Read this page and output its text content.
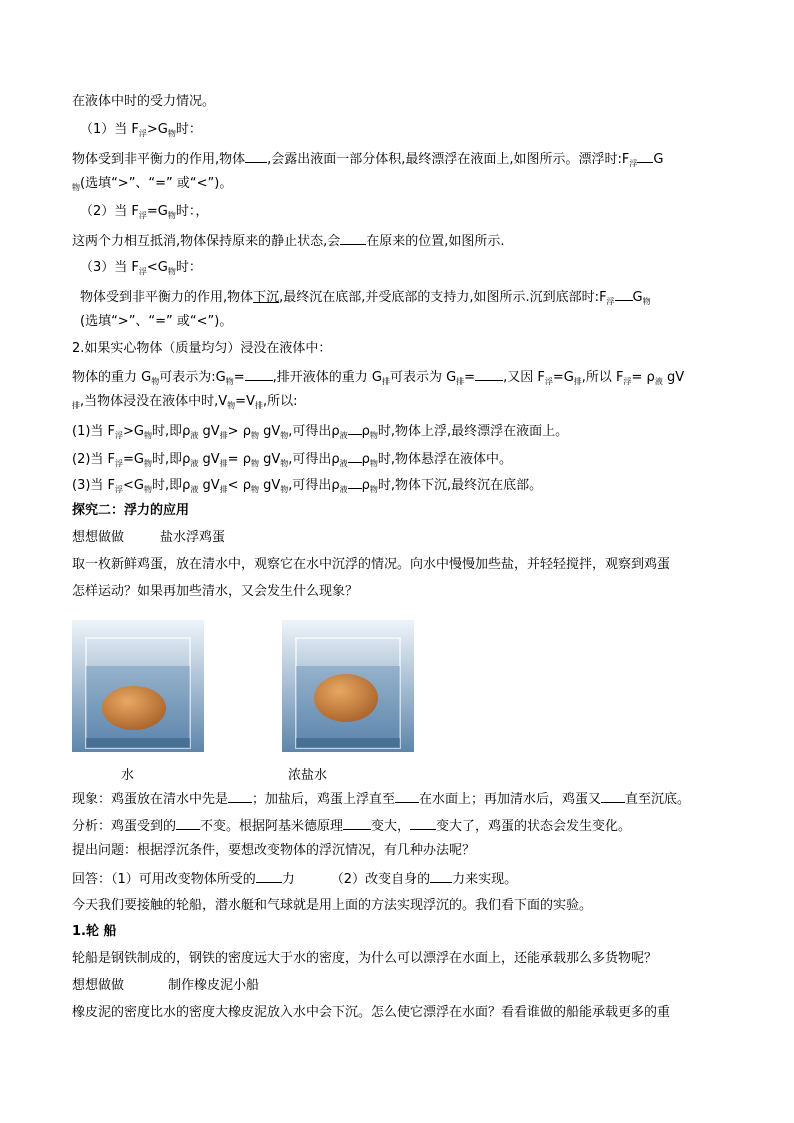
在液体中时的受力情况。
（1）当 $F_浮>G_物$时：
物体受到非平衡力的作用,物体 ,会露出液面一部分体积,最终漂浮在液面上,如图所示。漂浮时$:F_浮$ G
$_物$(选填“>”、“=” 或“<”)。
（2）当 $F_浮=G_物$时：，
这两个力相互抵消,物体保持原来的静止状态,会 在原来的位置,如图所示.
（3）当 $F_浮<G_物$时：
物体受到非平衡力的作用,物体下沉,最终沉在底部,并受底部的支持力,如图所示.沉到底部时$:F_浮$ $G_物$
(选填“>”、“=” 或“<”)。
2.如果实心物体（质量均匀）浸没在液体中：
物体的重力 $G_物$可表示为$:G_物=$ ,排开液体的重力 $G_排$可表示为 $G_排=$ ,又因 $F_浮=G_排$,所以 $F_浮= \rho_液$ gV
$_排$,当物体浸没在液体中时$,V_物=V_排$,所以:
(1)当 $F_浮>G_物$时,即$\rho_液$ $gV_排> \rho_物$ $gV_物$,可得出$\rho_液$ $\rho_物$时,物体上浮,最终漂浮在液面上。
(2)当 $F_浮=G_物$时,即$\rho_液$ $gV_排= \rho_物$ $gV_物$,可得出$\rho_液$ $\rho_物$时,物体悬浮在液体中。
(3)当 $F_浮<G_物$时,即$\rho_液$ $gV_排< \rho_物$ $gV_物$,可得出$\rho_液$ $\rho_物$时,物体下沉,最终沉在底部。
探究二：浮力的应用
想想做做	盐水浮鸡蛋
取一枚新鲜鸡蛋，放在清水中，观察它在水中沉浮的情况。向水中慢慢加些盐，并轻轻搅拌，观察到鸡蛋
怎样运动？如果再加些清水，又会发生什么现象？
水	浓盐水
现象：鸡蛋放在清水中先是 ；加盐后，鸡蛋上浮直至 在水面上；再加清水后，鸡蛋又 直至沉底。
分析：鸡蛋受到的 不变。根据阿基米德原理 变大， 变大了，鸡蛋的状态会发生变化。
提出问题：根据浮沉条件，要想改变物体的浮沉情况，有几种办法呢？
回答：（1）可用改变物体所受的 力	（2）改变自身的 力来实现。
今天我们要接触的轮船，潜水艇和气球就是用上面的方法实现浮沉的。我们看下面的实验。
1.轮 船
轮船是钢铁制成的，钢铁的密度远大于水的密度，为什么可以漂浮在水面上，还能承载那么多货物呢？
想想做做	制作橡皮泥小船
橡皮泥的密度比水的密度大橡皮泥放入水中会下沉。怎么使它漂浮在水面？看看谁做的船能承载更多的重
